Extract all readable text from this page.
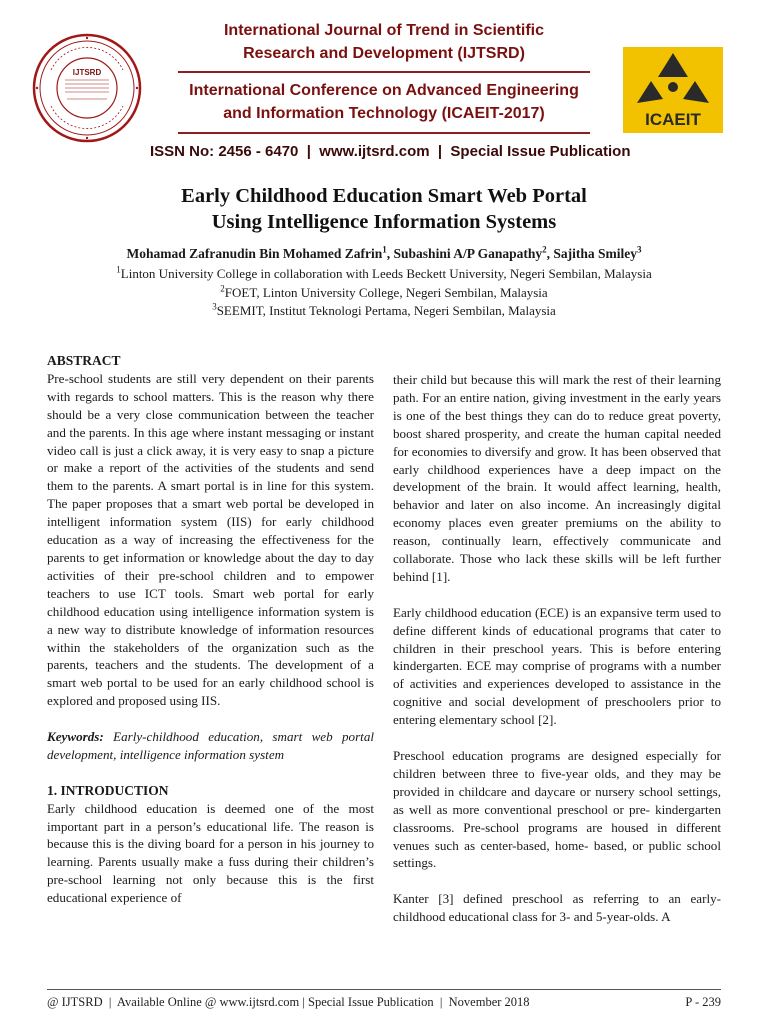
IJTSRD
International Journal of Trend in Scientific
Research and Development (IJTSRD)
International Conference on Advanced Engineering
and Information Technology (ICAEIT-2017)
ISSN No: 2456 - 6470  |  www.ijtsrd.com  |  Special Issue Publication
ICAEIT
Early Childhood Education Smart Web Portal
Using Intelligence Information Systems
Mohamad Zafranudin Bin Mohamed Zafrin$^1$, Subashini A/P Ganapathy$^2$, Sajitha Smiley$^3$
$^1$Linton University College in collaboration with Leeds Beckett University, Negeri Sembilan, Malaysia
$^2$FOET, Linton University College, Negeri Sembilan, Malaysia
$^3$SEEMIT, Institut Teknologi Pertama, Negeri Sembilan, Malaysia

ABSTRACT

Pre-school students are still very dependent on their parents with regards to school matters. This is the reason why there should be a very close communication between the teacher and the parents. In this age where instant messaging or instant video call is just a click away, it is very easy to snap a picture or make a report of the activities of the students and send them to the parents. A smart portal is in line for this system. The paper proposes that a smart web portal be developed in intelligent information system (IIS) for early childhood education as a way of increasing the effectiveness for the parents to get information or knowledge about the day to day activities of their pre-school children and to empower teachers to use ICT tools. Smart web portal for early childhood education using intelligence information system is a new way to distribute knowledge of information resources within the stakeholders of the organization such as the parents, teachers and the students. The development of a smart web portal to be used for an early childhood school is explored and proposed using IIS.

Keywords: Early-childhood education, smart web portal development, intelligence information system

1. INTRODUCTION

Early childhood education is deemed one of the most important part in a person’s educational life. The reason is because this is the diving board for a person in his journey to learning. Parents usually make a fuss during their children’s pre-school learning not only because this is the first educational experience of

their child but because this will mark the rest of their learning path. For an entire nation, giving investment in the early years is one of the best things they can do to reduce great poverty, boost shared prosperity, and create the human capital needed for economies to diversify and grow. It has been observed that early childhood experiences have a deep impact on the development of the brain. It would affect learning, health, behavior and later on also income. An increasingly digital economy places even greater premiums on the ability to reason, continually learn, effectively communicate and collaborate. Those who lack these skills will be left further behind [1].

Early childhood education (ECE) is an expansive term used to define different kinds of educational programs that cater to children in their preschool years. This is before entering kindergarten. ECE may comprise of programs with a number of activities and experiences developed to assistance in the cognitive and social development of preschoolers prior to entering elementary school [2].

Preschool education programs are designed especially for children between three to five-year olds, and they may be provided in childcare and daycare or nursery school settings, as well as more conventional preschool or pre- kindergarten classrooms. Pre-school programs are housed in different venues such as center-based, home- based, or public school settings.

Kanter [3] defined preschool as referring to an early-childhood educational class for 3- and 5-year-olds. A

@ IJTSRD  |  Available Online @ www.ijtsrd.com | Special Issue Publication  |  November 2018	P - 239
